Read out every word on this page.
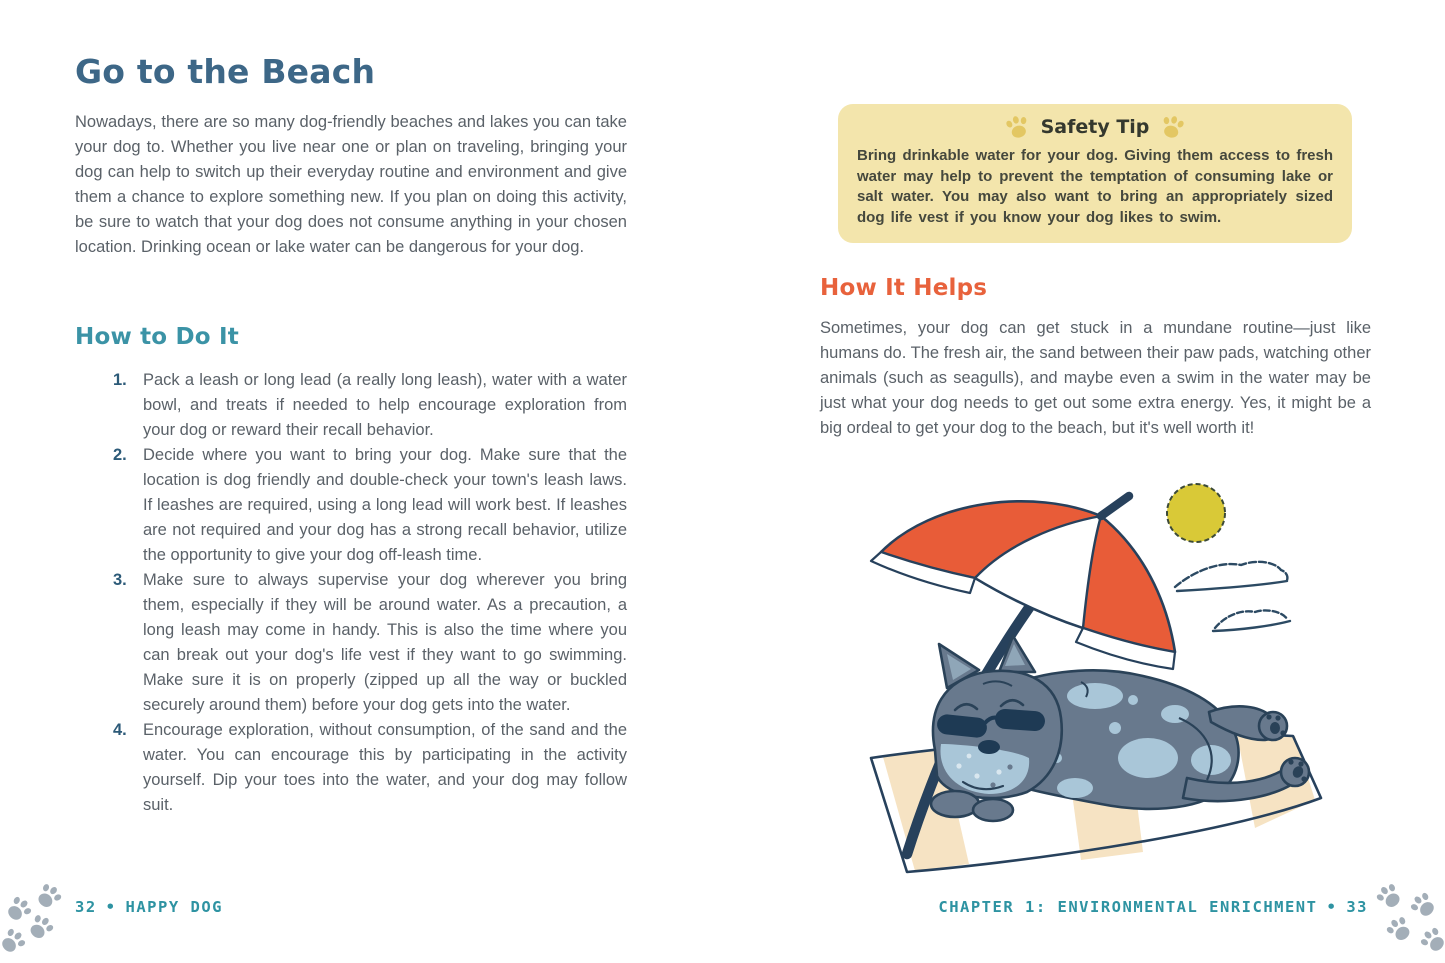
Go to the Beach

Nowadays, there are so many dog-friendly beaches and lakes you can take your dog to. Whether you live near one or plan on traveling, bringing your dog can help to switch up their everyday routine and environment and give them a chance to explore something new. If you plan on doing this activity, be sure to watch that your dog does not consume anything in your chosen location. Drinking ocean or lake water can be dangerous for your dog.

How to Do It
1. Pack a leash or long lead (a really long leash), water with a water bowl, and treats if needed to help encourage exploration from your dog or reward their recall behavior.
2. Decide where you want to bring your dog. Make sure that the location is dog friendly and double-check your town's leash laws. If leashes are required, using a long lead will work best. If leashes are not required and your dog has a strong recall behavior, utilize the opportunity to give your dog off-leash time.
3. Make sure to always supervise your dog wherever you bring them, especially if they will be around water. As a precaution, a long leash may come in handy. This is also the time where you can break out your dog's life vest if they want to go swimming. Make sure it is on properly (zipped up all the way or buckled securely around them) before your dog gets into the water.
4. Encourage exploration, without consumption, of the sand and the water. You can encourage this by participating in the activity yourself. Dip your toes into the water, and your dog may follow suit.
32 • HAPPY DOG
Safety Tip

Bring drinkable water for your dog. Giving them access to fresh water may help to prevent the temptation of consuming lake or salt water. You may also want to bring an appropriately sized dog life vest if you know your dog likes to swim.

How It Helps

Sometimes, your dog can get stuck in a mundane routine—just like humans do. The fresh air, the sand between their paw pads, watching other animals (such as seagulls), and maybe even a swim in the water may be just what your dog needs to get out some extra energy. Yes, it might be a big ordeal to get your dog to the beach, but it's well worth it!

CHAPTER 1: ENVIRONMENTAL ENRICHMENT • 33
